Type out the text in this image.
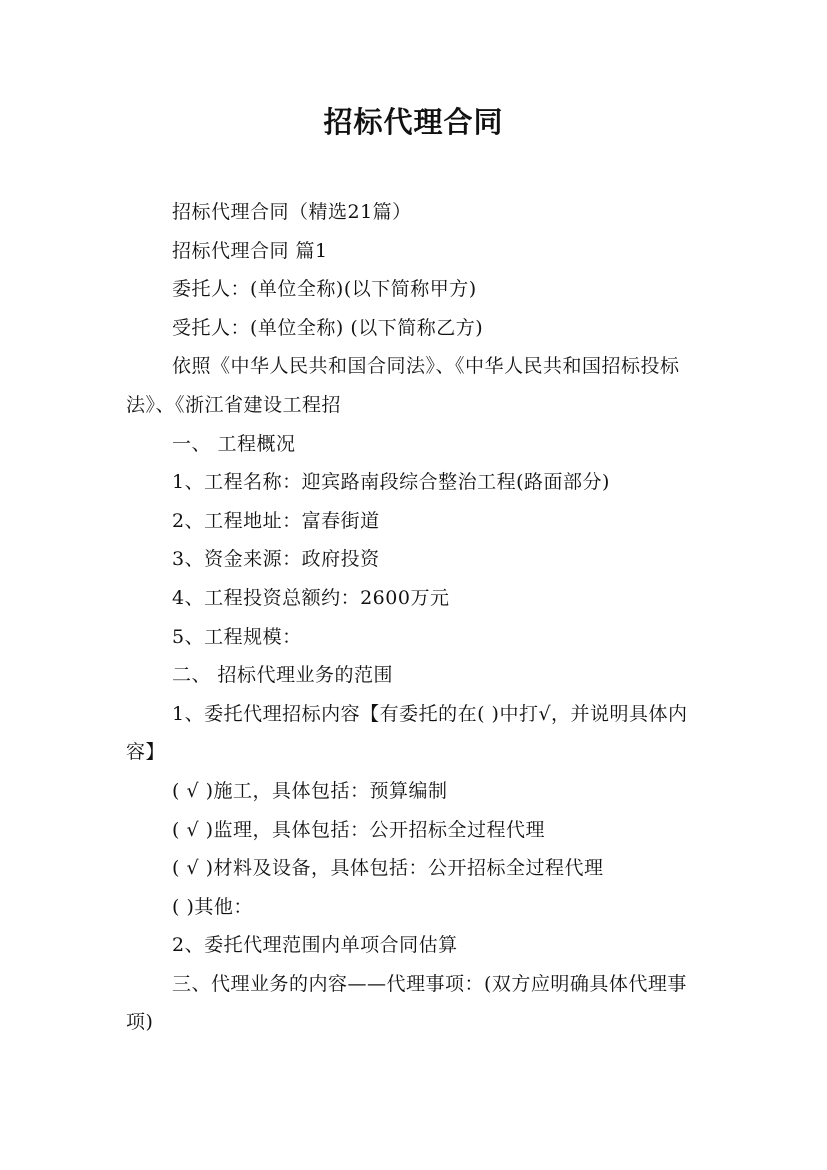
招标代理合同

招标代理合同（精选21篇）

招标代理合同 篇1

委托人：(单位全称)(以下简称甲方)

受托人：(单位全称) (以下简称乙方)

依照《中华人民共和国合同法》、《中华人民共和国招标投标法》、《浙江省建设工程招

一、 工程概况

1、工程名称：迎宾路南段综合整治工程(路面部分)

2、工程地址：富春街道

3、资金来源：政府投资

4、工程投资总额约：2600万元

5、工程规模：

二、 招标代理业务的范围

1、委托代理招标内容【有委托的在( )中打√，并说明具体内容】

( √ )施工，具体包括：预算编制

( √ )监理，具体包括：公开招标全过程代理

( √ )材料及设备，具体包括：公开招标全过程代理

( )其他：

2、委托代理范围内单项合同估算

三、代理业务的内容——代理事项：(双方应明确具体代理事项)
